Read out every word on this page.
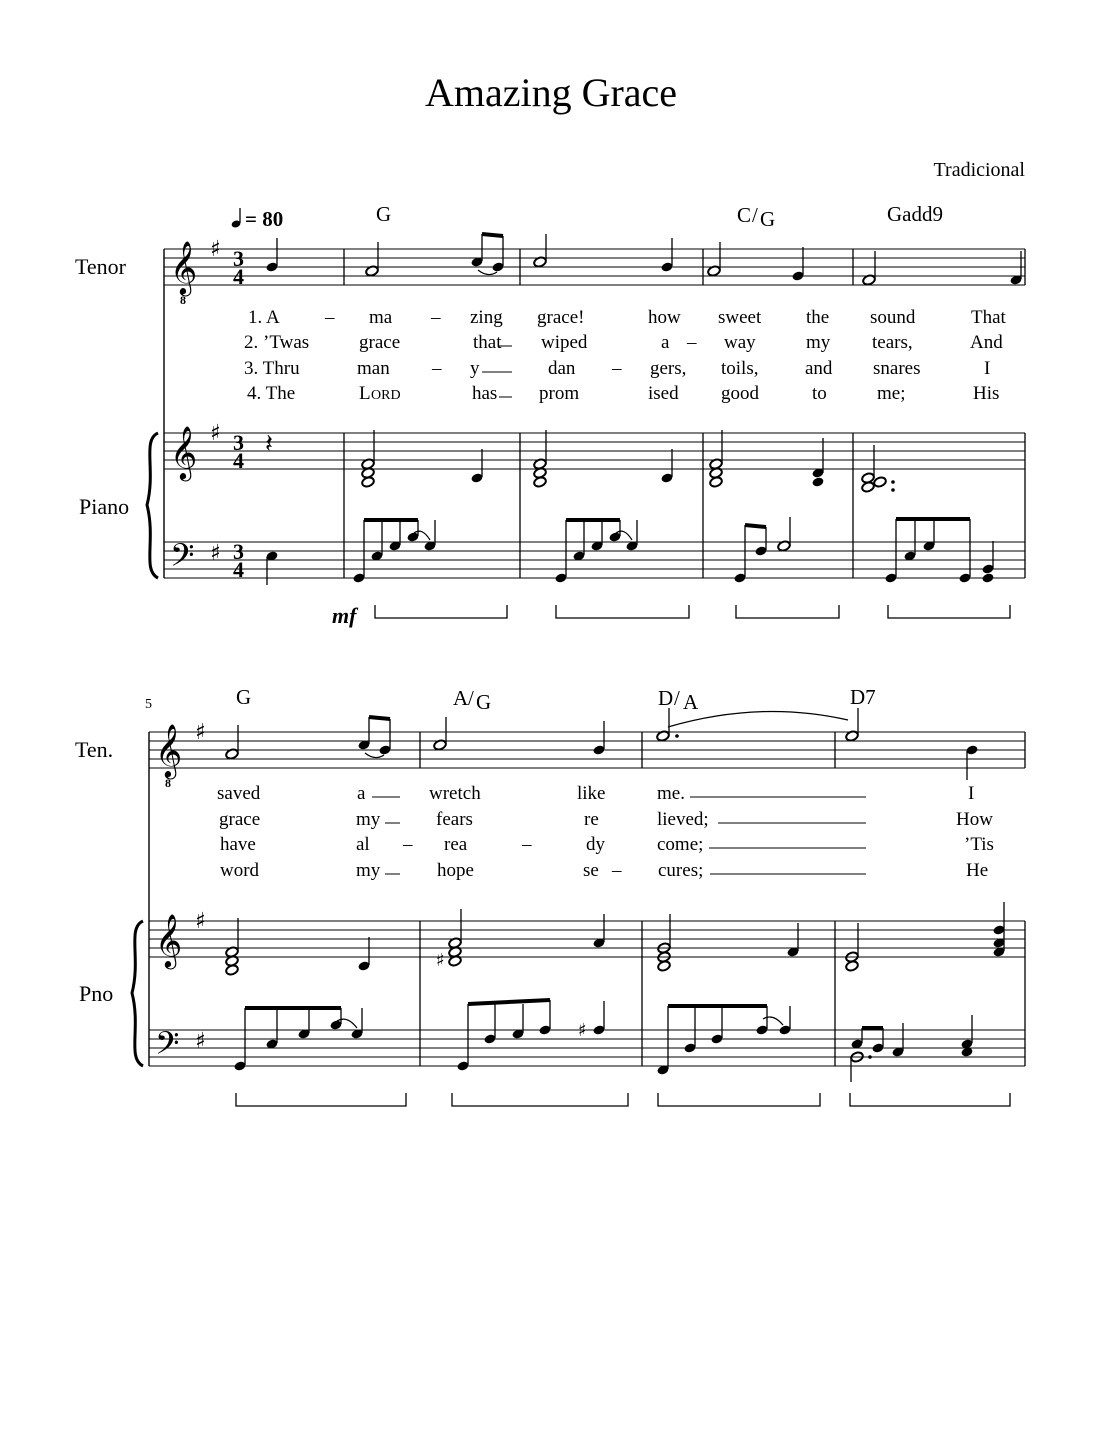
Amazing Grace
Tradicional
= 80	G	C / G	Gadd9
Tenor
Piano
𝄞
8
♯ 3
4
1. A – ma – zing grace!	how sweet the sound	That
2. ’Twas	grace	that wiped	a – way	my tears,	And
3. Thru	man – y	dan – gers, toils, and snares	I
4. The	L ORD	has prom	ised good	to	me;	His
𝄞 ♯ 3
4
𝄢 ♯ 3
4
𝄽
mf
5	G	A / G	D / A	D7
Ten.
Pno
𝄞
8
♯
saved	a	wretch	like	me.	I
grace	my	fears	re	lieved;	How
have	al – rea	–	dy	come;	’Tis
word	my	hope	se – cures;	He
𝄞 ♯
𝄢 ♯
♯
♯
